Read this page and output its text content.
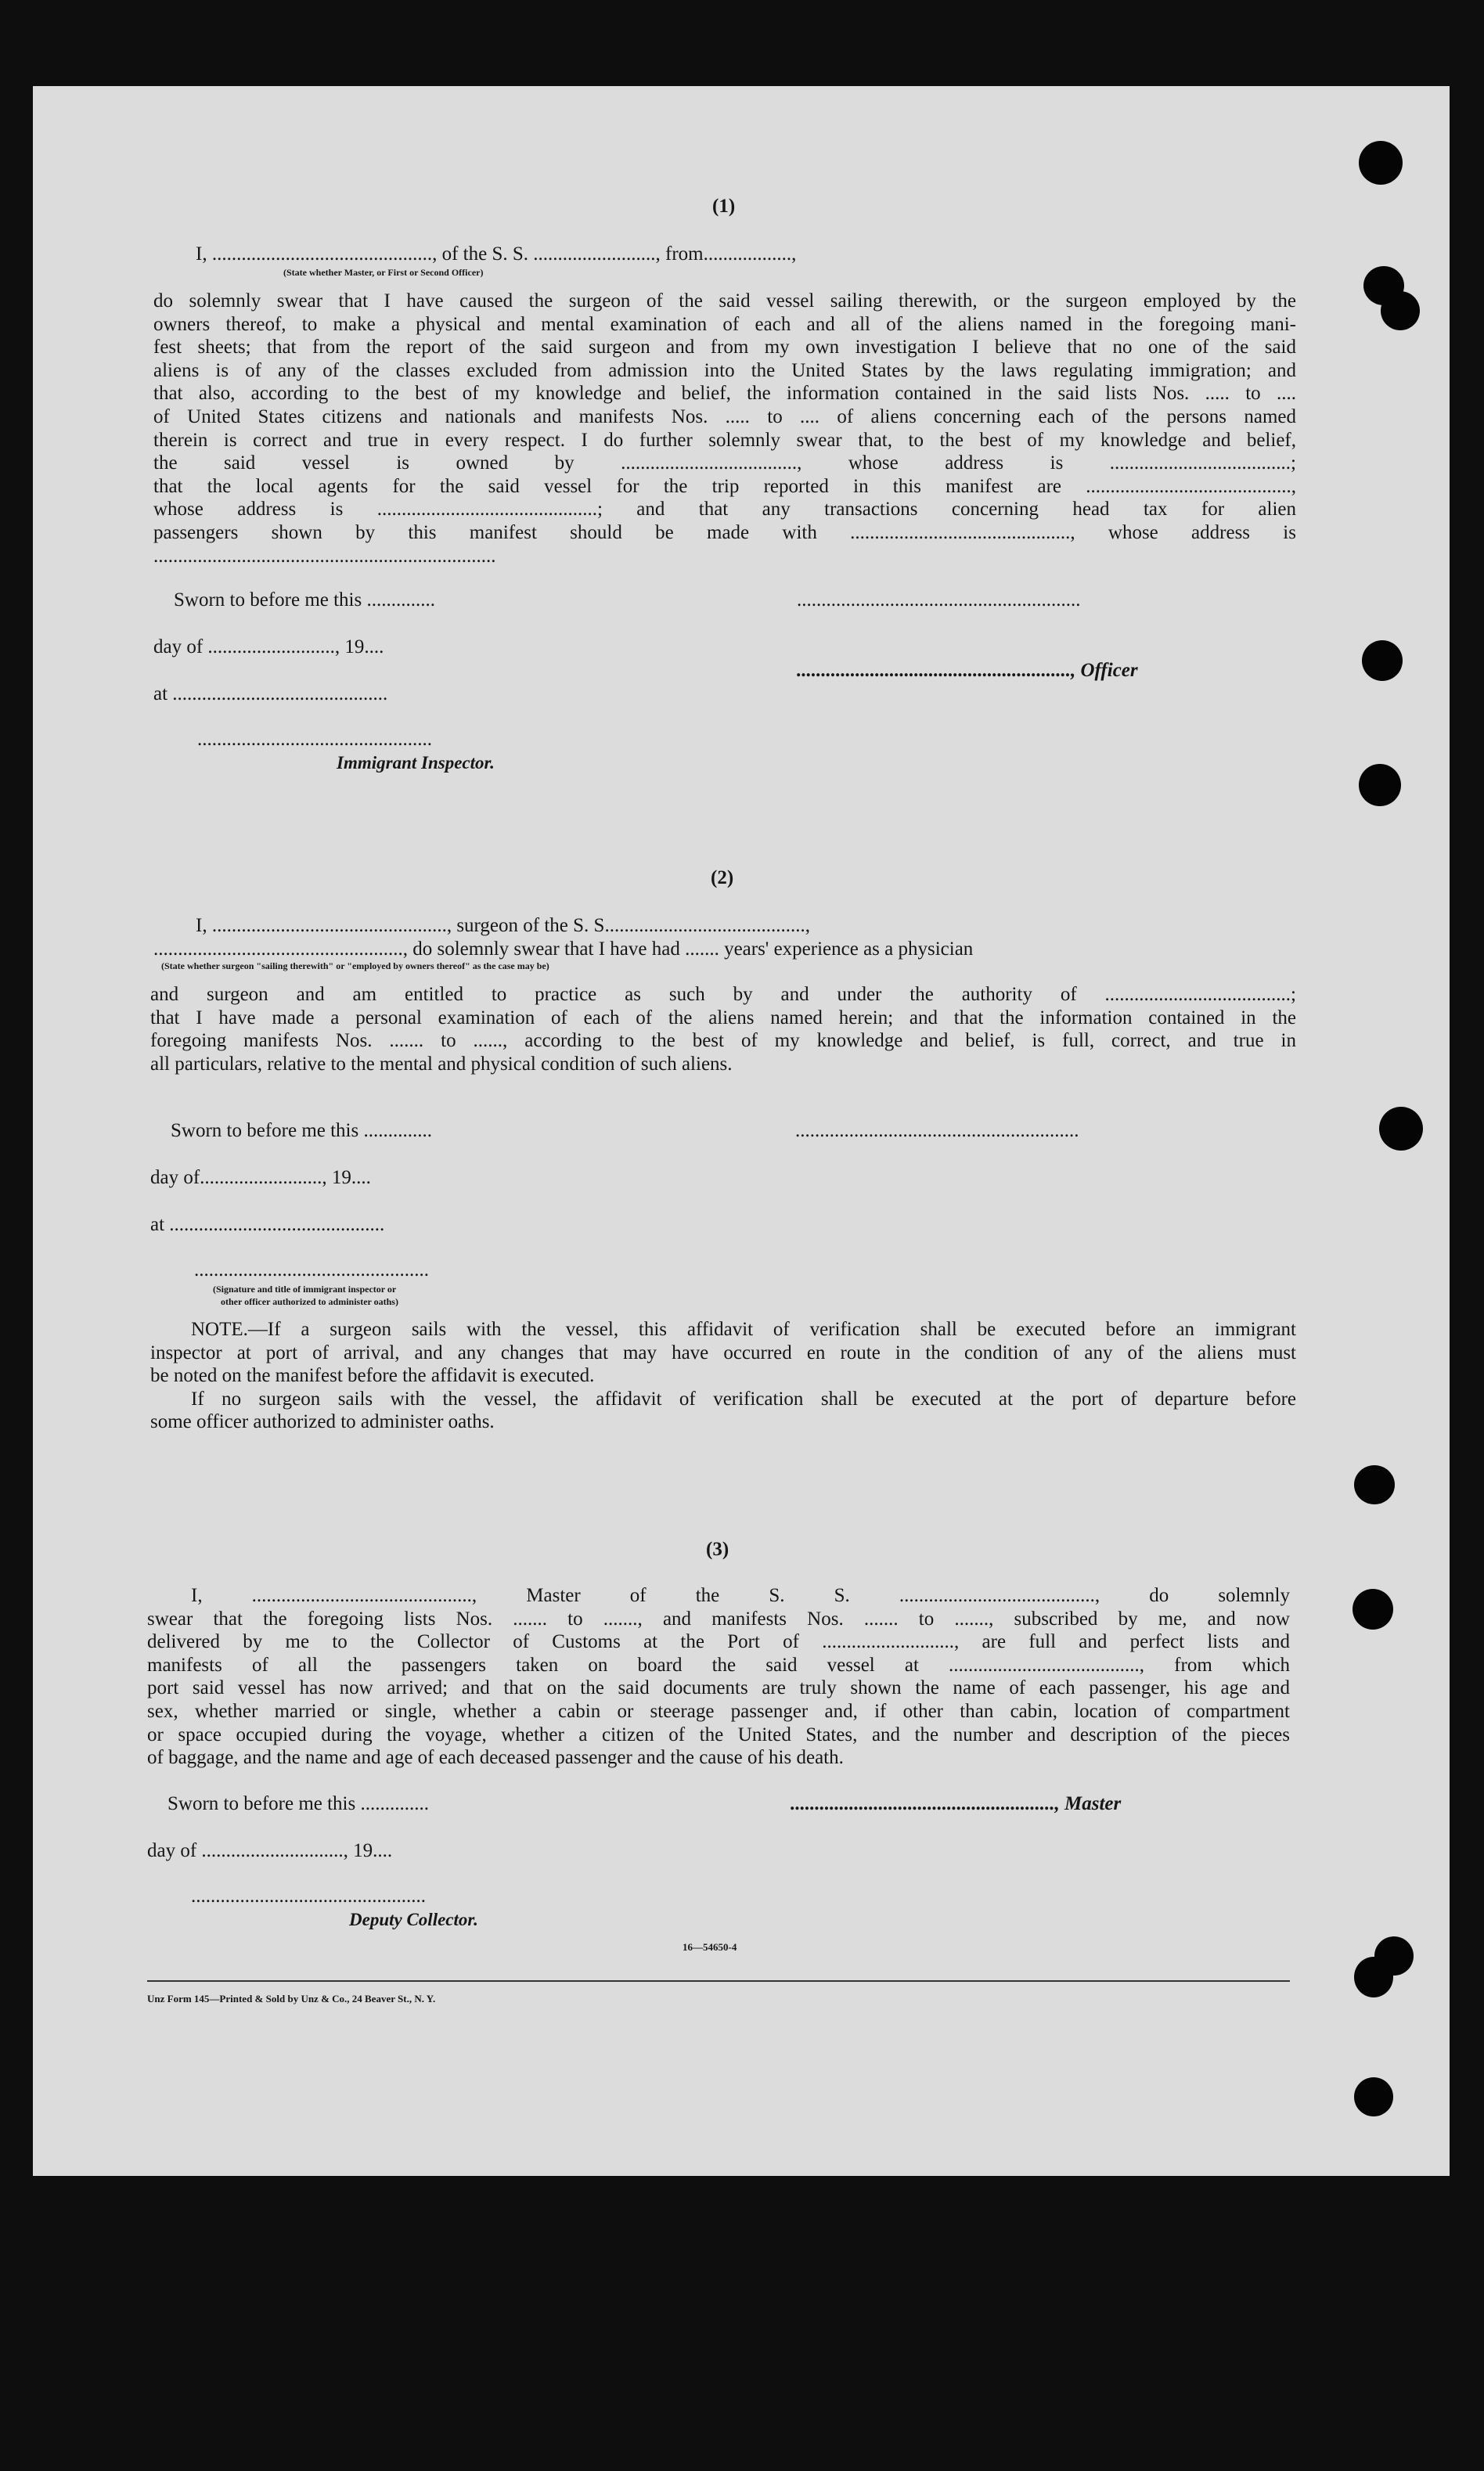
(1)
I, ............................................., of the S. S. ........................., from..................,
(State whether Master, or First or Second Officer)
do solemnly swear that I have caused the surgeon of the said vessel sailing therewith, or the surgeon employed by the
owners thereof, to make a physical and mental examination of each and all of the aliens named in the foregoing mani-
fest sheets; that from the report of the said surgeon and from my own investigation I believe that no one of the said
aliens is of any of the classes excluded from admission into the United States by the laws regulating immigration; and
that also, according to the best of my knowledge and belief, the information contained in the said lists Nos. ..... to ....
of United States citizens and nationals and manifests Nos. ..... to .... of aliens concerning each of the persons named
therein is correct and true in every respect. I do further solemnly swear that, to the best of my knowledge and belief,
the said vessel is owned by ...................................., whose address is .....................................;
that the local agents for the said vessel for the trip reported in this manifest are ..........................................,
whose address is .............................................; and that any transactions concerning head tax for alien
passengers shown by this manifest should be made with ............................................., whose address is
......................................................................
Sworn to before me this ..............	..........................................................
day of .........................., 19....
........................................................, Officer
at ............................................
................................................
Immigrant Inspector.
(2)
I, ................................................, surgeon of the S. S.........................................,
..................................................., do solemnly swear that I have had ....... years' experience as a physician
(State whether surgeon "sailing therewith" or "employed by owners thereof" as the case may be)
and surgeon and am entitled to practice as such by and under the authority of ......................................;
that I have made a personal examination of each of the aliens named herein; and that the information contained in the
foregoing manifests Nos. ....... to ......, according to the best of my knowledge and belief, is full, correct, and true in
all particulars, relative to the mental and physical condition of such aliens.
Sworn to before me this ..............	..........................................................
day of........................., 19....
at ............................................
................................................
(Signature and title of immigrant inspector or
other officer authorized to administer oaths)
NOTE.—If a surgeon sails with the vessel, this affidavit of verification shall be executed before an immigrant
inspector at port of arrival, and any changes that may have occurred en route in the condition of any of the aliens must
be noted on the manifest before the affidavit is executed.
If no surgeon sails with the vessel, the affidavit of verification shall be executed at the port of departure before
some officer authorized to administer oaths.
(3)
I, ............................................., Master of the S. S. ........................................, do solemnly
swear that the foregoing lists Nos. ....... to ......., and manifests Nos. ....... to ......., subscribed by me, and now
delivered by me to the Collector of Customs at the Port of ..........................., are full and perfect lists and
manifests of all the passengers taken on board the said vessel at ......................................., from which
port said vessel has now arrived; and that on the said documents are truly shown the name of each passenger, his age and
sex, whether married or single, whether a cabin or steerage passenger and, if other than cabin, location of compartment
or space occupied during the voyage, whether a citizen of the United States, and the number and description of the pieces
of baggage, and the name and age of each deceased passenger and the cause of his death.
Sworn to before me this ..............	......................................................, Master
day of ............................., 19....
................................................
Deputy Collector.
16—54650-4
Unz Form 145—Printed & Sold by Unz & Co., 24 Beaver St., N. Y.
